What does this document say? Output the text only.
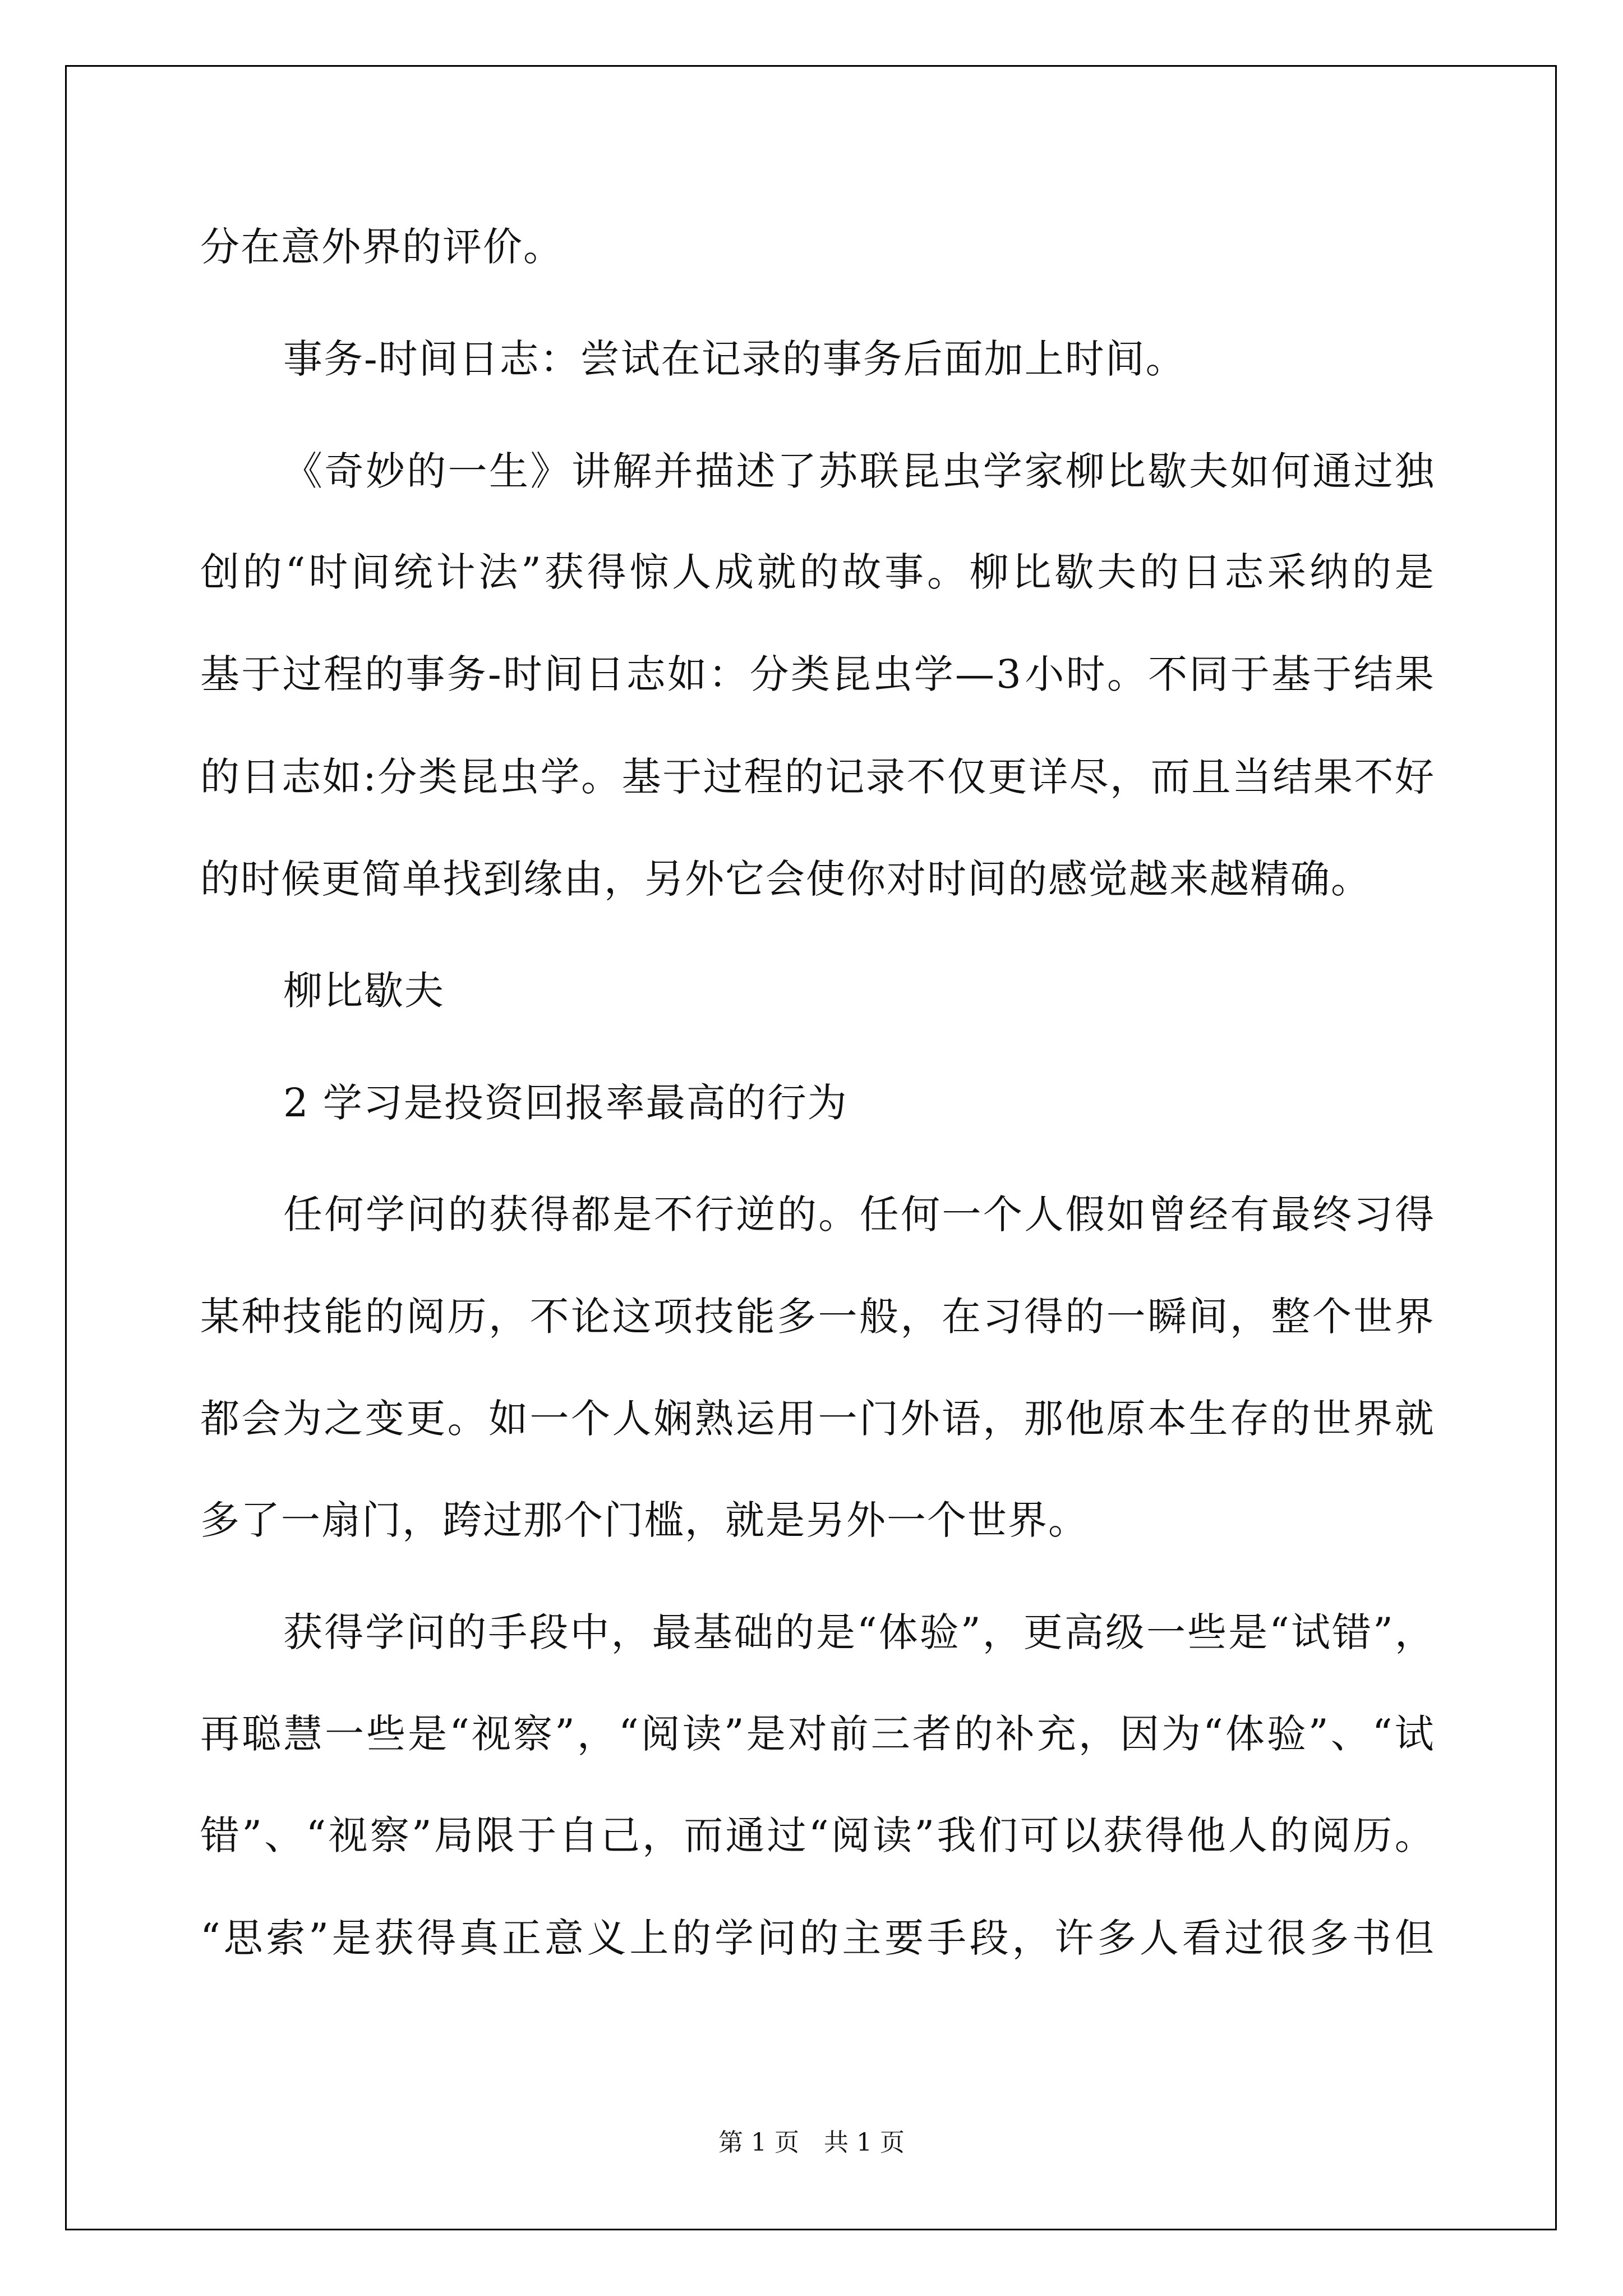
分在意外界的评价。
事务-时间日志：尝试在记录的事务后面加上时间。
《 奇 妙 的 一 生 》 讲 解 并 描 述 了 苏 联 昆 虫 学 家 柳 比 歇 夫 如 何 通 过 独
创 的 “ 时 间 统 计 法 ” 获 得 惊 人 成 就 的 故 事 。 柳 比 歇 夫 的 日 志 采 纳 的 是
基 于 过 程 的 事 务 - 时 间 日 志 如 ： 分 类 昆 虫 学 — 3 小 时 。 不 同 于 基 于 结 果
的 日 志 如 : 分 类 昆 虫 学 。 基 于 过 程 的 记 录 不 仅 更 详 尽 ， 而 且 当 结 果 不 好
的时候更简单找到缘由，另外它会使你对时间的感觉越来越精确。
柳比歇夫
2 学习是投资回报率最高的行为
任 何 学 问 的 获 得 都 是 不 行 逆 的 。 任 何 一 个 人 假 如 曾 经 有 最 终 习 得
某 种 技 能 的 阅 历 ， 不 论 这 项 技 能 多 一 般 ， 在 习 得 的 一 瞬 间 ， 整 个 世 界
都 会 为 之 变 更 。 如 一 个 人 娴 熟 运 用 一 门 外 语 ， 那 他 原 本 生 存 的 世 界 就
多了一扇门，跨过那个门槛，就是另外一个世界。
获 得 学 问 的 手 段 中 ， 最 基 础 的 是 “ 体 验 ” ， 更 高 级 一 些 是 “ 试 错 ” ，
再 聪 慧 一 些 是 “ 视 察 ” ， “ 阅 读 ” 是 对 前 三 者 的 补 充 ， 因 为 “ 体 验 ” 、 “ 试
错 ” 、 “ 视 察 ” 局 限 于 自 己 ， 而 通 过 “ 阅 读 ” 我 们 可 以 获 得 他 人 的 阅 历 。
“ 思 索 ” 是 获 得 真 正 意 义 上 的 学 问 的 主 要 手 段 ， 许 多 人 看 过 很 多 书 但
第 1 页　共 1 页
